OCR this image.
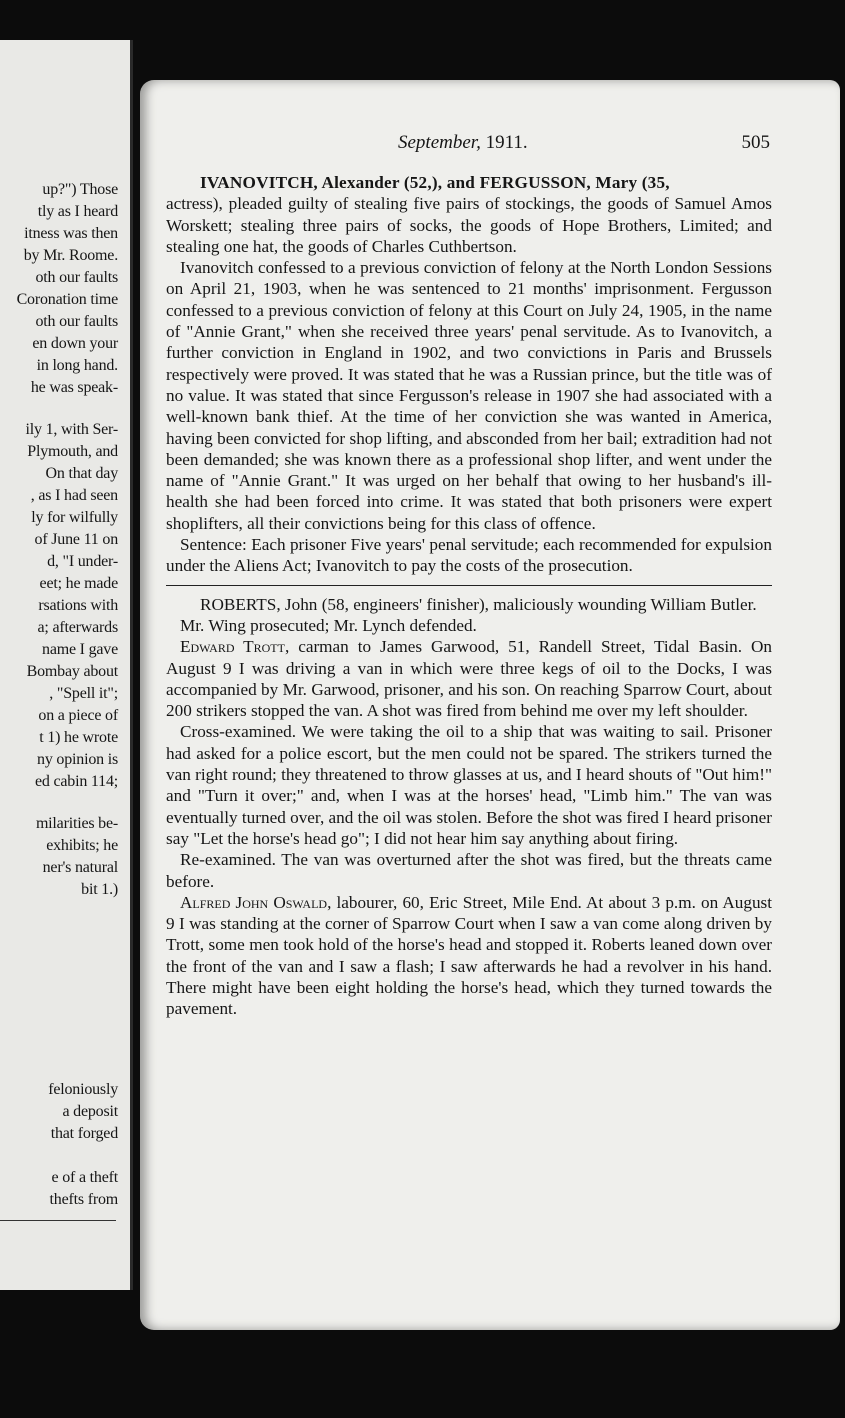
up?") Those
tly as I heard
itness was then
by Mr. Roome.
oth our faults
Coronation time
oth our faults
en down your
in long hand.
he was speak-
ily 1, with Ser-
Plymouth, and
On that day
, as I had seen
ly for wilfully
of June 11 on
d, "I under-
eet; he made
rsations with
a; afterwards
name I gave
Bombay about
, "Spell it";
on a piece of
t 1) he wrote
ny opinion is
ed cabin 114;
milarities be-
exhibits; he
ner's natural
bit 1.)
feloniously
a deposit
that forged
e of a theft
thefts from
September, 1911.	505

IVANOVITCH, Alexander (52,), and FERGUSSON, Mary (35,

actress), pleaded guilty of stealing five pairs of stockings, the goods of Samuel Amos Worskett; stealing three pairs of socks, the goods of Hope Brothers, Limited; and stealing one hat, the goods of Charles Cuthbertson.

Ivanovitch confessed to a previous conviction of felony at the North London Sessions on April 21, 1903, when he was sentenced to 21 months' imprisonment. Fergusson confessed to a previous conviction of felony at this Court on July 24, 1905, in the name of "Annie Grant," when she received three years' penal servitude. As to Ivanovitch, a further conviction in England in 1902, and two convictions in Paris and Brussels respectively were proved. It was stated that he was a Russian prince, but the title was of no value. It was stated that since Fergusson's release in 1907 she had associated with a well-known bank thief. At the time of her conviction she was wanted in America, having been convicted for shop lifting, and absconded from her bail; extradition had not been demanded; she was known there as a professional shop lifter, and went under the name of "Annie Grant." It was urged on her behalf that owing to her husband's ill-health she had been forced into crime. It was stated that both prisoners were expert shoplifters, all their convictions being for this class of offence.

Sentence: Each prisoner Five years' penal servitude; each recommended for expulsion under the Aliens Act; Ivanovitch to pay the costs of the prosecution.

ROBERTS, John (58, engineers' finisher), maliciously wounding William Butler.

Mr. Wing prosecuted; Mr. Lynch defended.

Edward Trott, carman to James Garwood, 51, Randell Street, Tidal Basin. On August 9 I was driving a van in which were three kegs of oil to the Docks, I was accompanied by Mr. Garwood, prisoner, and his son. On reaching Sparrow Court, about 200 strikers stopped the van. A shot was fired from behind me over my left shoulder.

Cross-examined. We were taking the oil to a ship that was waiting to sail. Prisoner had asked for a police escort, but the men could not be spared. The strikers turned the van right round; they threatened to throw glasses at us, and I heard shouts of "Out him!" and "Turn it over;" and, when I was at the horses' head, "Limb him." The van was eventually turned over, and the oil was stolen. Before the shot was fired I heard prisoner say "Let the horse's head go"; I did not hear him say anything about firing.

Re-examined. The van was overturned after the shot was fired, but the threats came before.

Alfred John Oswald, labourer, 60, Eric Street, Mile End. At about 3 p.m. on August 9 I was standing at the corner of Sparrow Court when I saw a van come along driven by Trott, some men took hold of the horse's head and stopped it. Roberts leaned down over the front of the van and I saw a flash; I saw afterwards he had a revolver in his hand. There might have been eight holding the horse's head, which they turned towards the pavement.
